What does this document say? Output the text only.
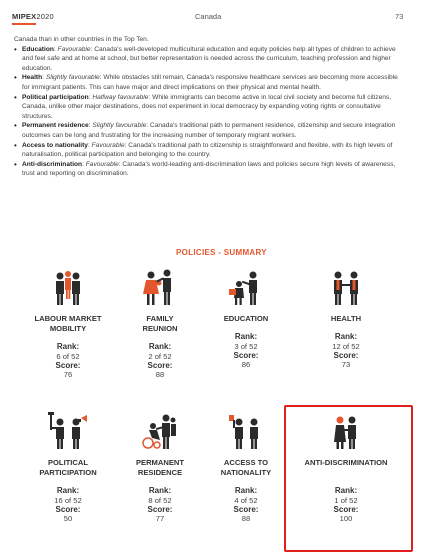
MIPEX2020	Canada	73
Canada than in other countries in the Top Ten.
• Education: Favourable: Canada's well-developed multicultural education and equity policies help all types of children to achieve and feel safe and at home at school, but better representation is needed across the curriculum, teaching profession and higher education.
• Health: Slightly favourable: While obstacles still remain, Canada's responsive healthcare services are becoming more accessible for immigrant patients. This can have major and direct implications on their physical and mental health.
• Political participation: Halfway favourable: While immigrants can become active in local civil society and become full citizens, Canada, unlike other major destinations, does not experiment in local democracy by expanding voting rights or consultative structures.
• Permanent residence: Slightly favourable: Canada's traditional path to permanent residence, citizenship and secure integration outcomes can be long and frustrating for the increasing number of temporary migrant workers.
• Access to nationality: Favourable: Canada's traditional path to citizenship is straightforward and flexible, with its high levels of naturalisation, political participation and belonging to the country.
• Anti-discrimination: Favourable: Canada's world-leading anti-discrimination laws and policies secure high levels of awareness, trust and reporting on discrimination.
POLICIES - SUMMARY
LABOUR MARKET
MOBILITY
Rank:
6 of 52
Score:
76
FAMILY
REUNION
Rank:
2 of 52
Score:
88
EDUCATION

Rank:
3 of 52
Score:
86
HEALTH

Rank:
12 of 52
Score:
73
POLITICAL
PARTICIPATION
Rank:
16 of 52
Score:
50
PERMANENT
RESIDENCE
Rank:
8 of 52
Score:
77
ACCESS TO
NATIONALITY
Rank:
4 of 52
Score:
88
ANTI-DISCRIMINATION
Rank:
1 of 52
Score:
100
